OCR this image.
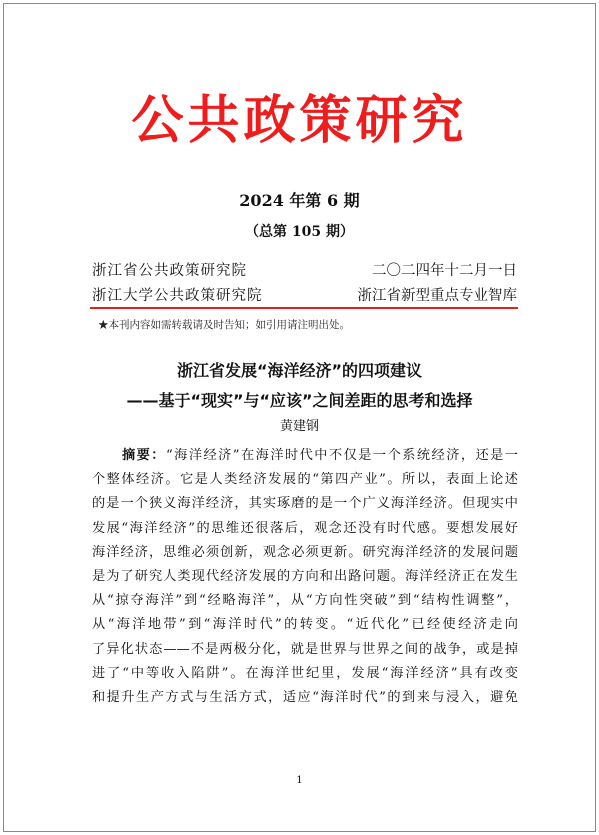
公共政策研究
2024 年第 6 期
（总第 105 期）
浙江省公共政策研究院	二〇二四年十二月一日
浙江大学公共政策研究院	浙江省新型重点专业智库
★本刊内容如需转载请及时告知；如引用请注明出处。
浙江省发展“海洋经济”的四项建议
——基于“现实”与“应该”之间差距的思考和选择
黄建钢
摘要：“海洋经济”在海洋时代中不仅是一个系统经济，还是一
个整体经济。它是人类经济发展的“第四产业”。所以，表面上论述
的是一个狭义海洋经济，其实琢磨的是一个广义海洋经济。但现实中
发展“海洋经济”的思维还很落后，观念还没有时代感。要想发展好
海洋经济，思维必须创新，观念必须更新。研究海洋经济的发展问题
是为了研究人类现代经济发展的方向和出路问题。海洋经济正在发生
从“掠夺海洋”到“经略海洋”，从“方向性突破”到“结构性调整”，
从“海洋地带”到“海洋时代”的转变。“近代化”已经使经济走向
了异化状态——不是两极分化，就是世界与世界之间的战争，或是掉
进了“中等收入陷阱”。在海洋世纪里，发展“海洋经济”具有改变
和提升生产方式与生活方式，适应“海洋时代”的到来与浸入，避免
1
